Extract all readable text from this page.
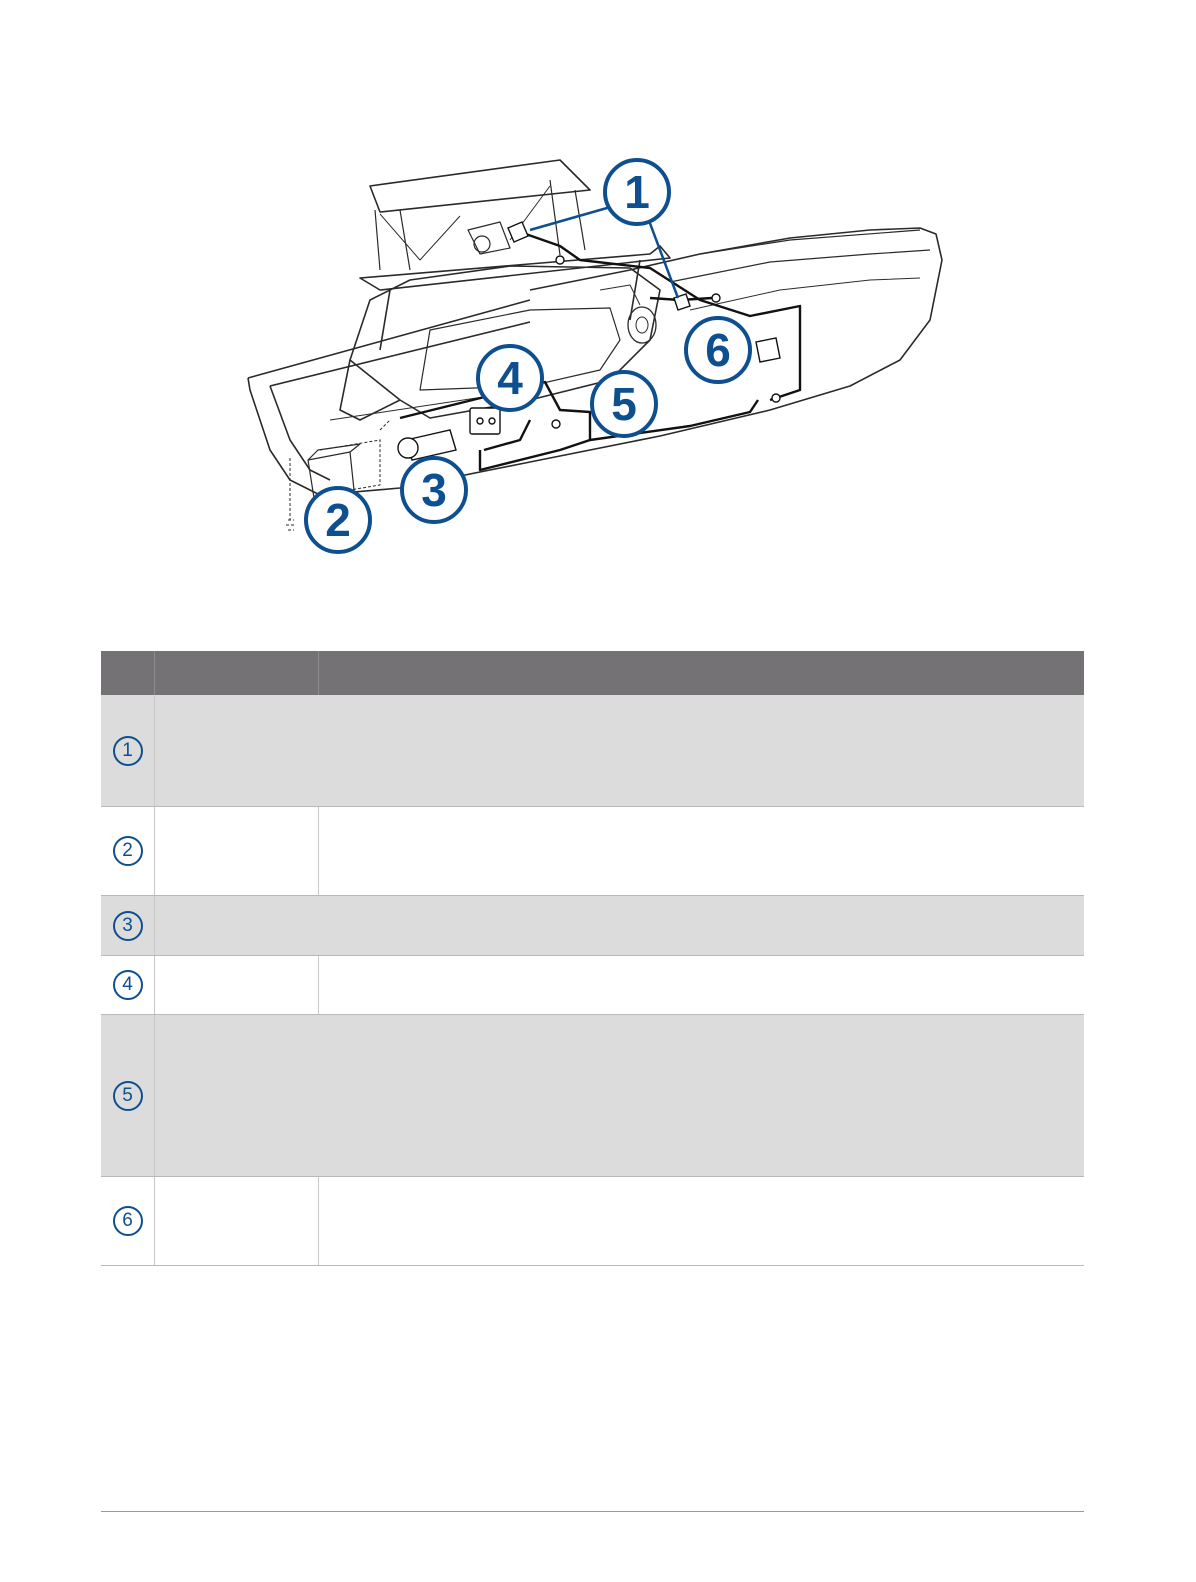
1
2
3
4 5
6
1
2
3
4
5
6
